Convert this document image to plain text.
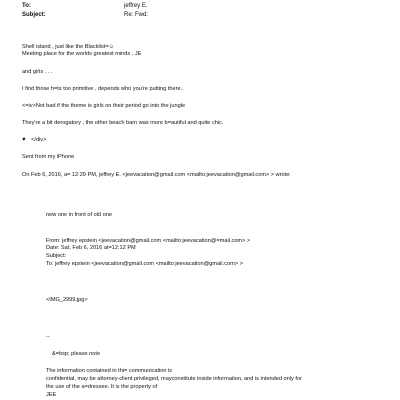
To:	jeffrey E.
Subject:	Re: Fwd:
Shell island , just like the Blacklist=☺
Meeting place for the worlds greatest minds , JE
and girls . . .
I find those h=ts too primitive , depends who you're putting there..
<=iv>Not bad if the theme is girls on their period go into the jungle
They're a bit derogatory , the other beach barn was more b=autiful and quite chic.
♥ </div>
Sent from my iPhone
On Feb 6, 2016, a= 12:29 PM, jeffrey E. <jeevacation@gmail.com <mailto:jeevacation@gmail.com> > wrote:
new one in front of old one
From: jeffrey epstein <jeevacation@gmail.com <mailto:jeevacation@=mail.com> >
Date: Sat, Feb 6, 2016 at=12:12 PM
Subject:
To: jeffrey epstein <jeevacation@gmail.com <mailto:jeevacation@gmail.com> >
<IMG_2999.jpg>
--
&=bsp; please note
The information contained in thi= communication is
confidential, may be attorney-client privileged, mayconstitute inside information, and is intended only for
the use of the a=dressee. It is the property of
JEE
